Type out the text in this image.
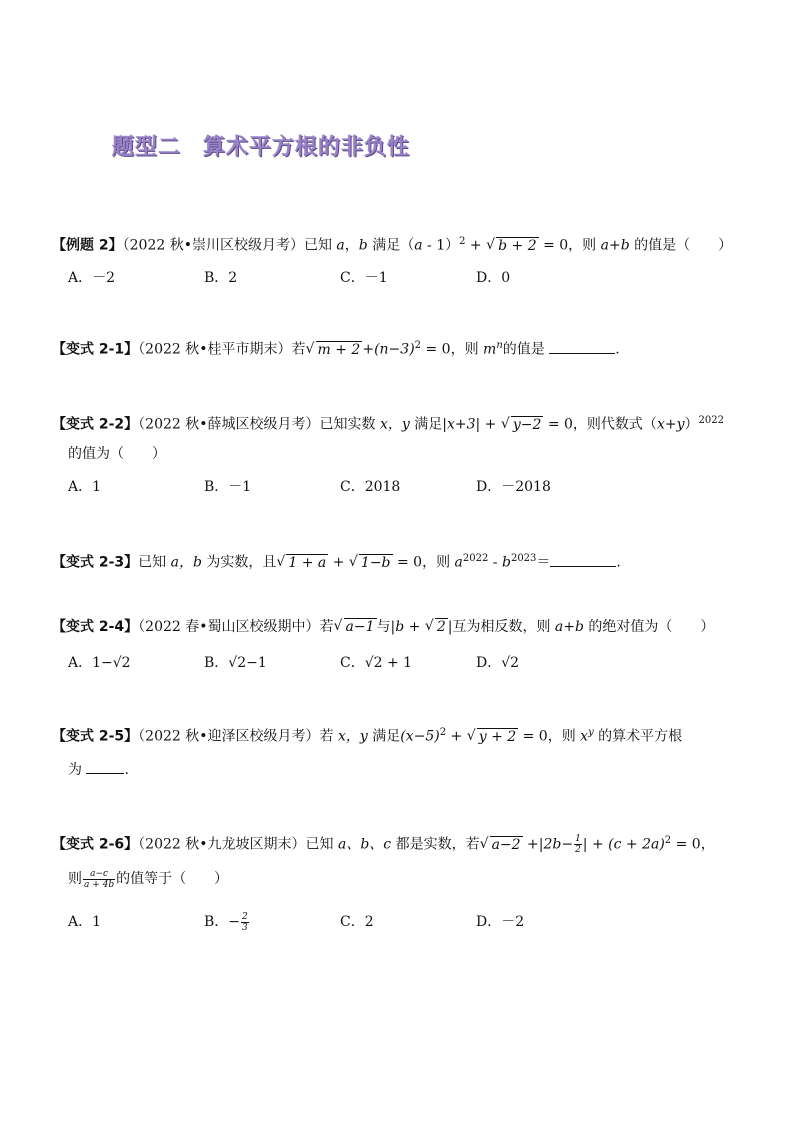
题型二 算术平方根的非负性
【例题 2】（2022 秋•崇川区校级月考）已知 a，b 满足（a - 1）$^2$ + √ b + 2 = 0，则 a+b 的值是（　　）
A．－2	B．2	C．－1	D．0
【变式 2-1】（2022 秋•桂平市期末）若 √ $m + 2 +(n-3)^2 = 0$，则 $m^n$的值是	.
【变式 2-2】（2022 秋•薛城区校级月考）已知实数 x，y 满足|x+3| + √ y−2 = 0，则代数式$(x+y)^{2022}$
的值为（　　）
A．1	B．－1	C．2018	D．－2018
【变式 2-3】已知 a，b 为实数，且 √ 1 + a + √ 1−b = 0，则 $a^{2022} - b^{2023}=$	.
【变式 2-4】（2022 春•蜀山区校级期中）若 √ a−1 与|b + √ 2 |互为相反数，则 a+b 的绝对值为（　　）
A．1−√2	B．√2−1	C．√2 + 1	D．√2
【变式 2-5】（2022 秋•迎泽区校级月考）若 x，y 满足$(x-5)^2$ + √ y + 2 = 0，则 $x^y$ 的算术平方根
为	.
【变式 2-6】（2022 秋•九龙坡区期末）已知 a、b、c 都是实数，若 √ $a-2 +|2b- \frac{1}{2}$ | + $(c + 2a)^2 = 0$，
则 $\frac{a-c}{a + 4b}$ 的值等于（　　）
A．1	B．− $\frac{2}{3}$	C．2	D．－2
